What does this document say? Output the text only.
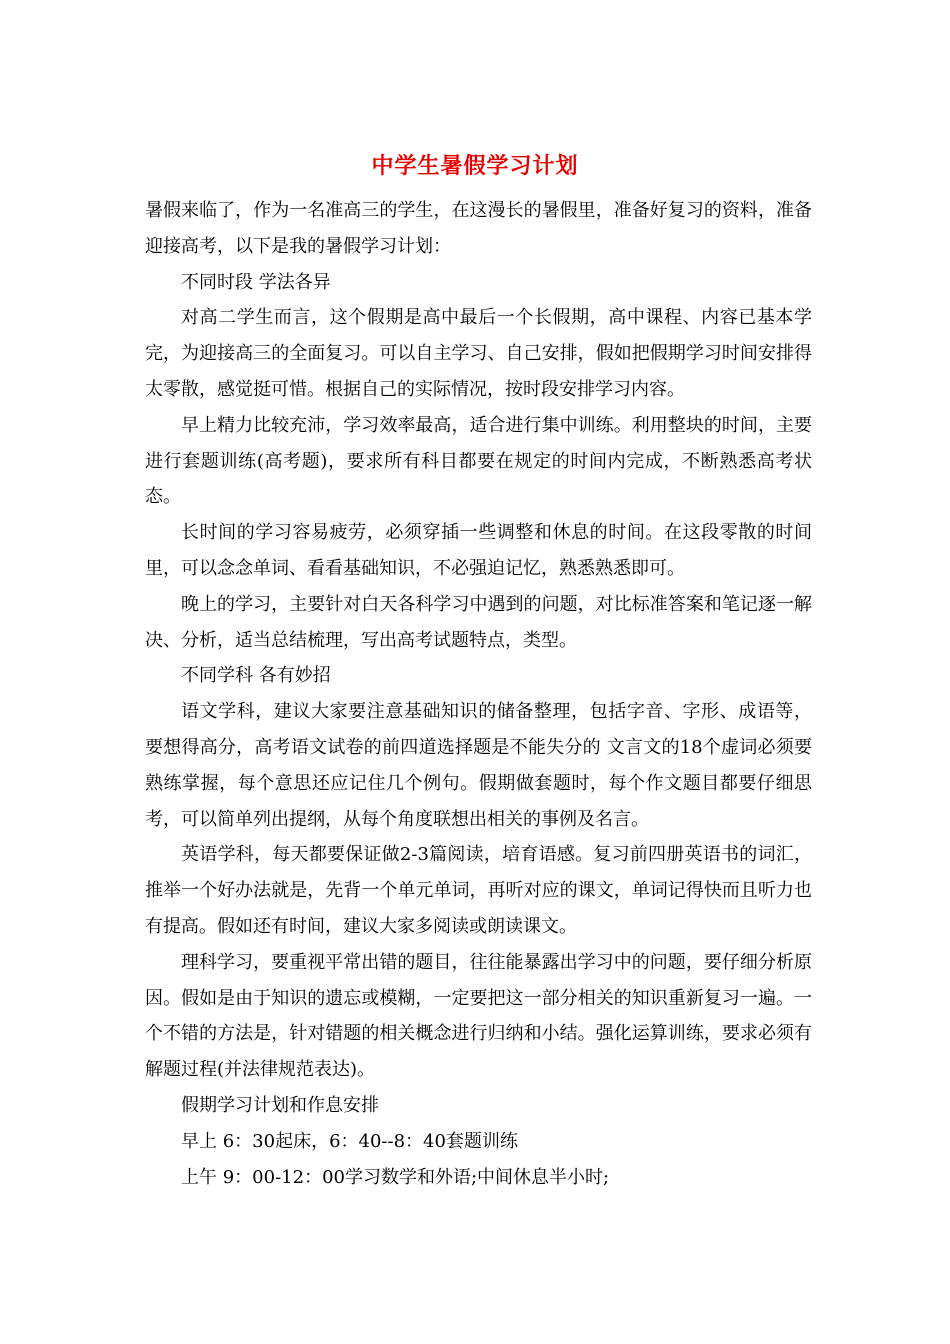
中学生暑假学习计划

暑假来临了，作为一名准高三的学生，在这漫长的暑假里，准备好复习的资料，准备迎接高考，以下是我的暑假学习计划：

不同时段 学法各异

对高二学生而言，这个假期是高中最后一个长假期，高中课程、内容已基本学完，为迎接高三的全面复习。可以自主学习、自己安排，假如把假期学习时间安排得太零散，感觉挺可惜。根据自己的实际情况，按时段安排学习内容。

早上精力比较充沛，学习效率最高，适合进行集中训练。利用整块的时间，主要进行套题训练(高考题)，要求所有科目都要在规定的时间内完成，不断熟悉高考状态。

长时间的学习容易疲劳，必须穿插一些调整和休息的时间。在这段零散的时间里，可以念念单词、看看基础知识，不必强迫记忆，熟悉熟悉即可。

晚上的学习，主要针对白天各科学习中遇到的问题，对比标准答案和笔记逐一解决、分析，适当总结梳理，写出高考试题特点，类型。

不同学科 各有妙招

语文学科，建议大家要注意基础知识的储备整理，包括字音、字形、成语等， 要想得高分，高考语文试卷的前四道选择题是不能失分的 文言文的18个虚词必须要熟练掌握，每个意思还应记住几个例句。假期做套题时，每个作文题目都要仔细思考，可以简单列出提纲，从每个角度联想出相关的事例及名言。

英语学科，每天都要保证做2-3篇阅读，培育语感。复习前四册英语书的词汇，推举一个好办法就是，先背一个单元单词，再听对应的课文，单词记得快而且听力也有提高。假如还有时间，建议大家多阅读或朗读课文。

理科学习，要重视平常出错的题目，往往能暴露出学习中的问题，要仔细分析原因。假如是由于知识的遗忘或模糊，一定要把这一部分相关的知识重新复习一遍。一个不错的方法是，针对错题的相关概念进行归纳和小结。强化运算训练，要求必须有解题过程(并法律规范表达)。

假期学习计划和作息安排

早上 6：30起床，6：40--8：40套题训练

上午 9：00-12：00学习数学和外语;中间休息半小时;
